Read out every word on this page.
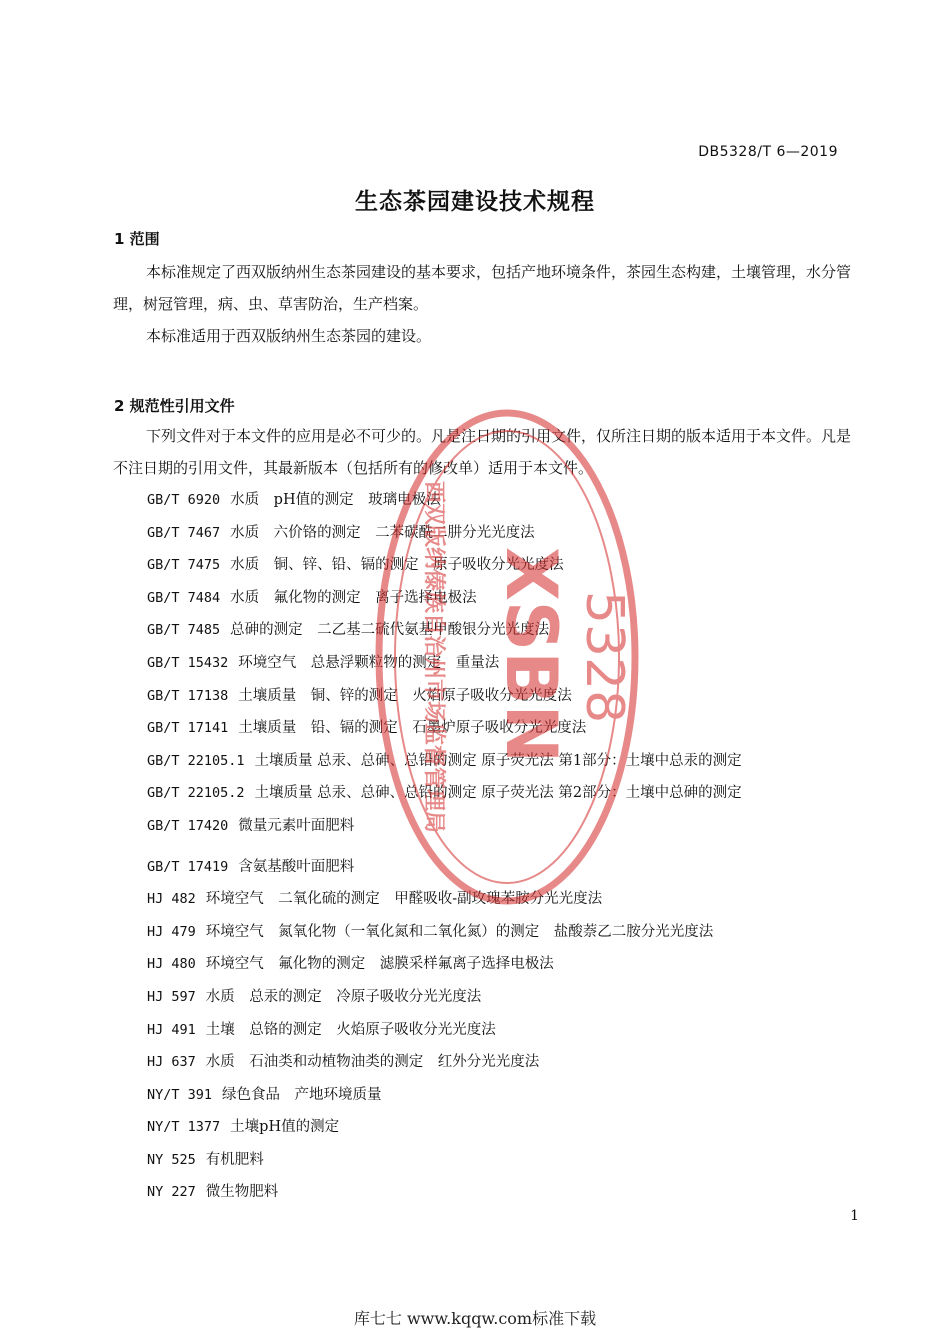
DB5328/T 6—2019
生态茶园建设技术规程
1 范围
本标准规定了西双版纳州生态茶园建设的基本要求，包括产地环境条件，茶园生态构建，土壤管理，水分管理，树冠管理，病、虫、草害防治，生产档案。
本标准适用于西双版纳州生态茶园的建设。
2 规范性引用文件
下列文件对于本文件的应用是必不可少的。凡是注日期的引用文件，仅所注日期的版本适用于本文件。凡是不注日期的引用文件，其最新版本（包括所有的修改单）适用于本文件。
GB/T 6920 水质　pH值的测定　玻璃电极法
GB/T 7467 水质　六价铬的测定　二苯碳酰二肼分光光度法
GB/T 7475 水质　铜、锌、铅、镉的测定　原子吸收分光光度法
GB/T 7484 水质　氟化物的测定　离子选择电极法
GB/T 7485 总砷的测定　二乙基二硫代氨基甲酸银分光光度法
GB/T 15432 环境空气　总悬浮颗粒物的测定　重量法
GB/T 17138 土壤质量　铜、锌的测定　火焰原子吸收分光光度法
GB/T 17141 土壤质量　铅、镉的测定　石墨炉原子吸收分光光度法
GB/T 22105.1 土壤质量 总汞、总砷、总铅的测定 原子荧光法 第1部分：土壤中总汞的测定
GB/T 22105.2 土壤质量 总汞、总砷、总铅的测定 原子荧光法 第2部分：土壤中总砷的测定
GB/T 17420 微量元素叶面肥料
GB/T 17419 含氨基酸叶面肥料
HJ 482 环境空气　二氧化硫的测定　甲醛吸收-副玫瑰苯胺分光光度法
HJ 479 环境空气　氮氧化物（一氧化氮和二氧化氮）的测定　盐酸萘乙二胺分光光度法
HJ 480 环境空气　氟化物的测定　滤膜采样氟离子选择电极法
HJ 597 水质　总汞的测定　冷原子吸收分光光度法
HJ 491 土壤　总铬的测定　火焰原子吸收分光光度法
HJ 637 水质　石油类和动植物油类的测定　红外分光光度法
NY/T 391 绿色食品　产地环境质量
NY/T 1377 土壤pH值的测定
NY 525 有机肥料
NY 227 微生物肥料
1
库七七 www.kqqw.com标准下载
XSBN 5328
西双版纳傣族自治州市场监督管理局
